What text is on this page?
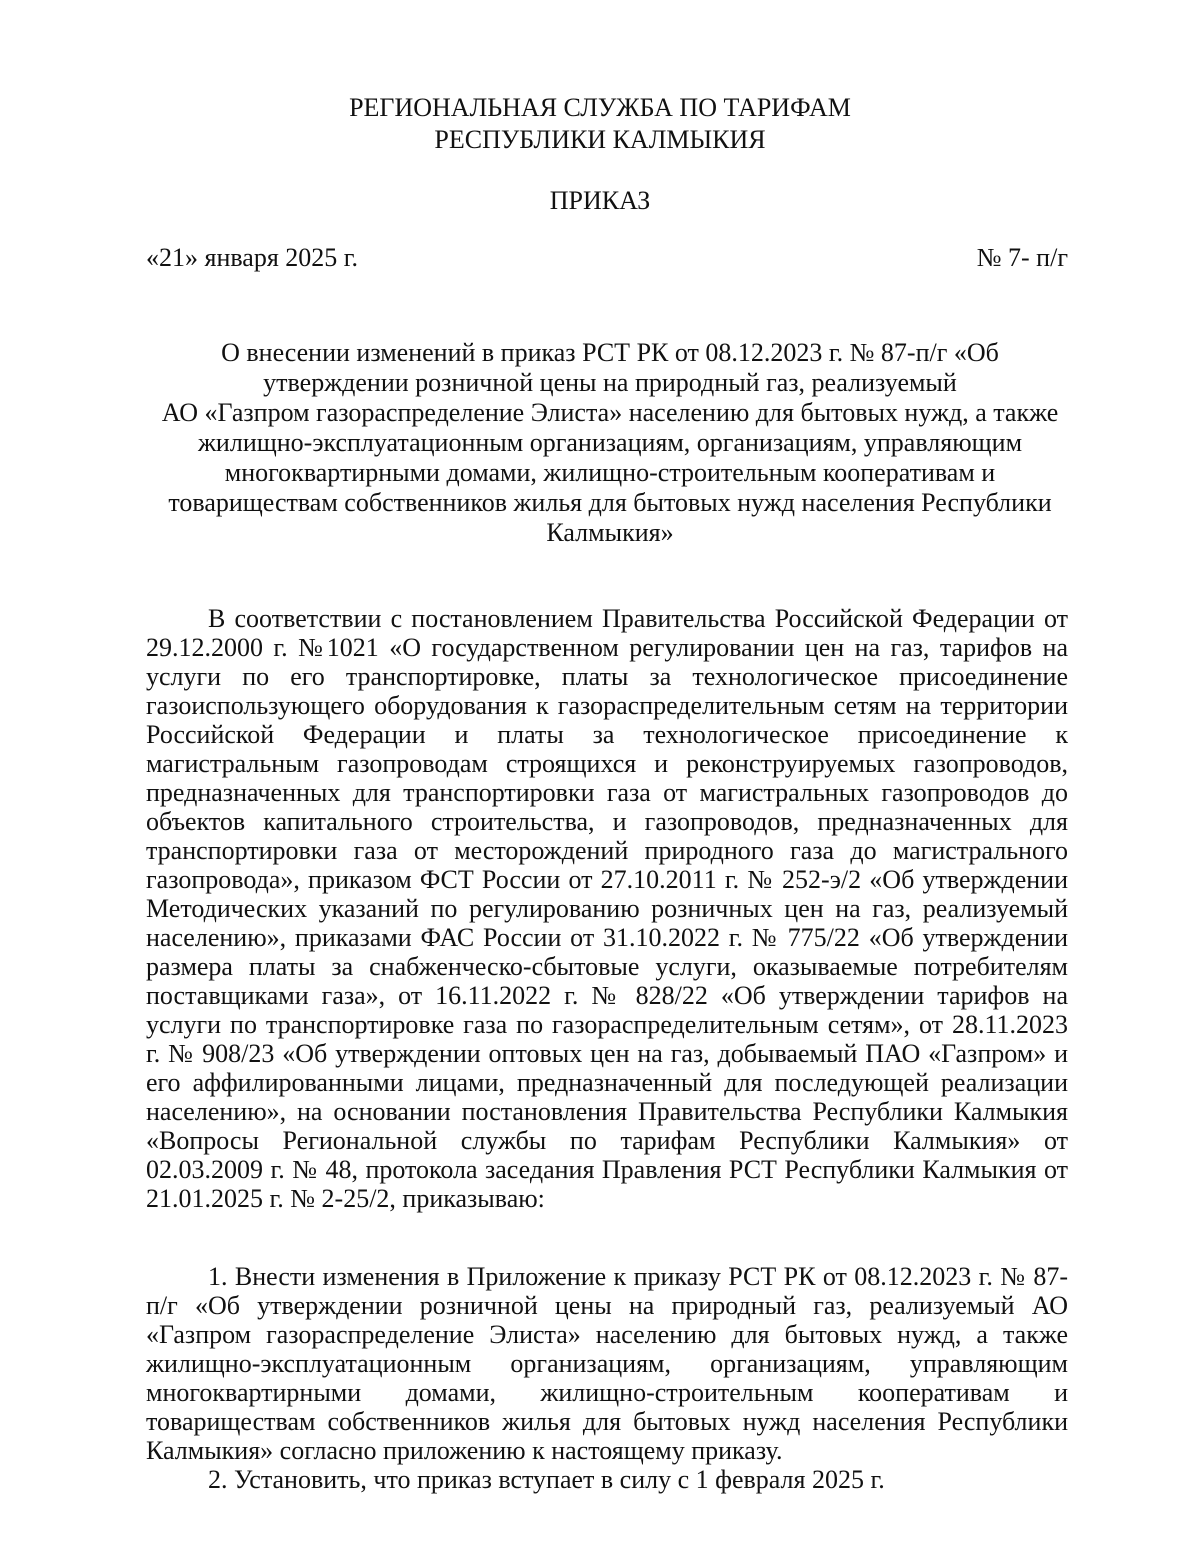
РЕГИОНАЛЬНАЯ СЛУЖБА ПО ТАРИФАМ
РЕСПУБЛИКИ КАЛМЫКИЯ
ПРИКАЗ
«21» января 2025 г.	№ 7- п/г
О внесении изменений в приказ РСТ РК от 08.12.2023 г. № 87-п/г «Об
утверждении розничной цены на природный газ, реализуемый
АО «Газпром газораспределение Элиста» населению для бытовых нужд, а также
жилищно-эксплуатационным организациям, организациям, управляющим
многоквартирными домами, жилищно-строительным кооперативам и
товариществам собственников жилья для бытовых нужд населения Республики
Калмыкия»

В соответствии с постановлением Правительства Российской Федерации от 29.12.2000 г. №1021 «О государственном регулировании цен на газ, тарифов на услуги по его транспортировке, платы за технологическое присоединение газоиспользующего оборудования к газораспределительным сетям на территории Российской Федерации и платы за технологическое присоединение к магистральным газопроводам строящихся и реконструируемых газопроводов, предназначенных для транспортировки газа от магистральных газопроводов до объектов капитального строительства, и газопроводов, предназначенных для транспортировки газа от месторождений природного газа до магистрального газопровода», приказом ФСТ России от 27.10.2011 г. № 252-э/2 «Об утверждении Методических указаний по регулированию розничных цен на газ, реализуемый населению», приказами ФАС России от 31.10.2022 г. № 775/22 «Об утверждении размера платы за снабженческо-сбытовые услуги, оказываемые потребителям поставщиками газа», от 16.11.2022 г. № 828/22 «Об утверждении тарифов на услуги по транспортировке газа по газораспределительным сетям», от 28.11.2023 г. № 908/23 «Об утверждении оптовых цен на газ, добываемый ПАО «Газпром» и его аффилированными лицами, предназначенный для последующей реализации населению», на основании постановления Правительства Республики Калмыкия «Вопросы Региональной службы по тарифам Республики Калмыкия» от 02.03.2009 г. № 48, протокола заседания Правления РСТ Республики Калмыкия от 21.01.2025 г. № 2-25/2, приказываю:

1. Внести изменения в Приложение к приказу РСТ РК от 08.12.2023 г. № 87-п/г «Об утверждении розничной цены на природный газ, реализуемый АО «Газпром газораспределение Элиста» населению для бытовых нужд, а также жилищно-эксплуатационным организациям, организациям, управляющим многоквартирными домами, жилищно-строительным кооперативам и товариществам собственников жилья для бытовых нужд населения Республики Калмыкия» согласно приложению к настоящему приказу.

2. Установить, что приказ вступает в силу с 1 февраля 2025 г.
